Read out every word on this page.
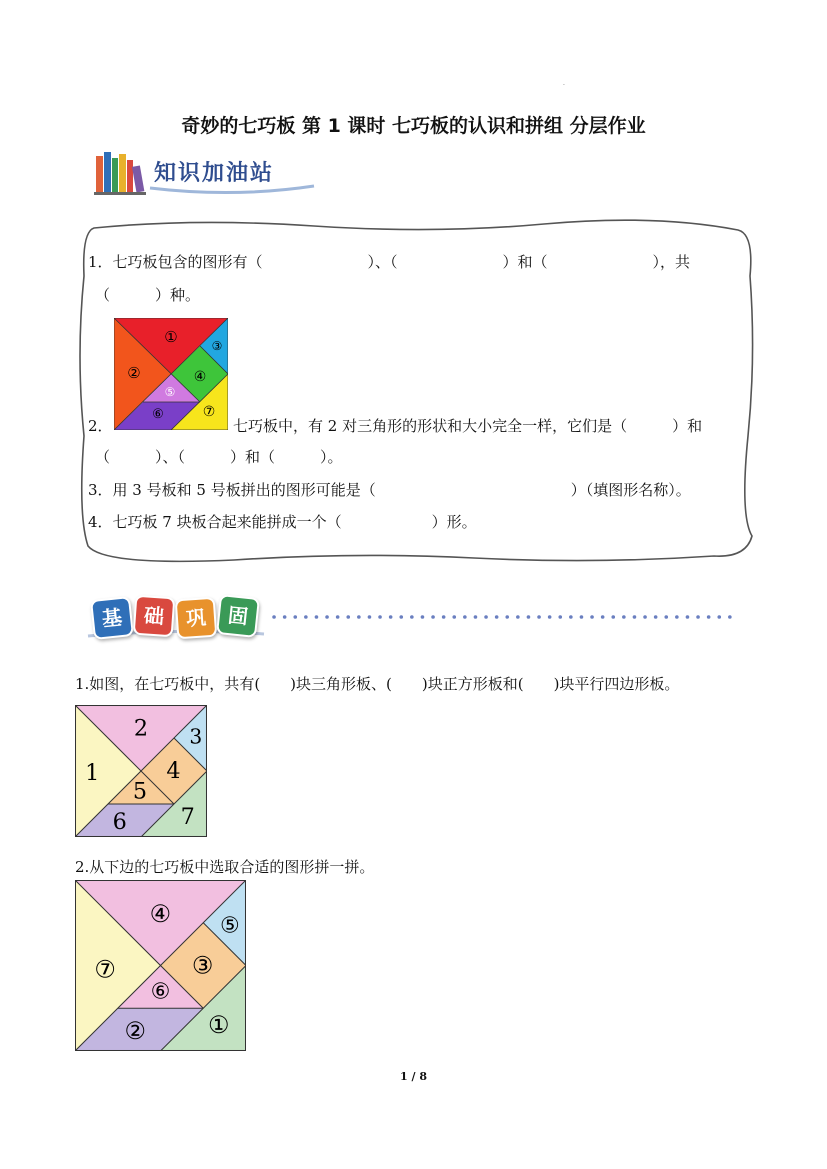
.
奇妙的七巧板 第 1 课时 七巧板的认识和拼组 分层作业
知识加油站
1．七巧板包含的图形有（　　　　　　　）、（　　　　　　　）和（　　　　　　　），共
（　　　）种。
①
②
③
④
⑤
⑥	⑦
2．	七巧板中，有 2 对三角形的形状和大小完全一样，它们是（　　　）和
（　　　）、（　　　）和（　　　）。
3．用 3 号板和 5 号板拼出的图形可能是（　　　　　　　　　　　　　）（填图形名称）。
4．七巧板 7 块板合起来能拼成一个（　　　　　　）形。
基 础	巩 固
1.如图，在七巧板中，共有(　　)块三角形板、(　　)块正方形板和(　　)块平行四边形板。
2
1
3
4
5
6 7
2.从下边的七巧板中选取合适的图形拼一拼。
④ ⑤
⑦	③
⑥
②	①
1 / 8
